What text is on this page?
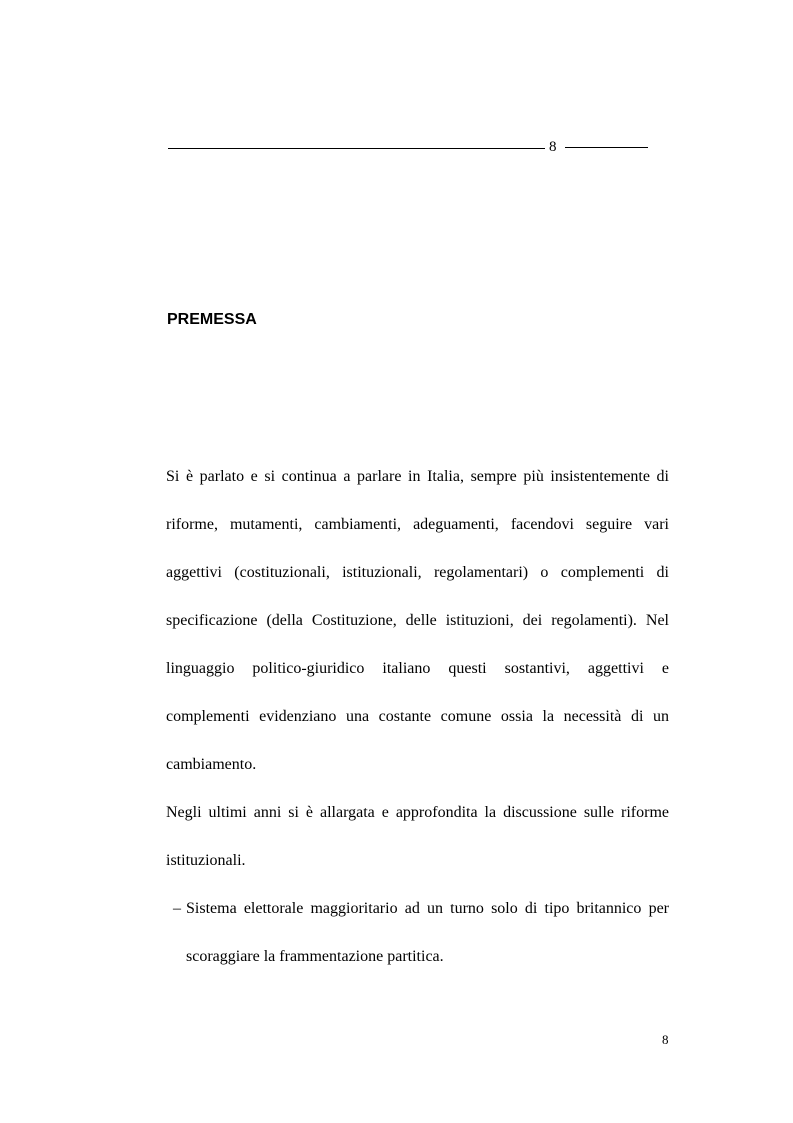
8
PREMESSA

Si è parlato e si continua a parlare in Italia, sempre più insistentemente di riforme, mutamenti, cambiamenti, adeguamenti, facendovi seguire vari aggettivi (costituzionali, istituzionali, regolamentari) o complementi di specificazione (della Costituzione, delle istituzioni, dei regolamenti). Nel linguaggio politico-giuridico italiano questi sostantivi, aggettivi e complementi evidenziano una costante comune ossia la necessità di un cambiamento.

Negli ultimi anni si è allargata e approfondita la discussione sulle riforme istituzionali.

– Sistema elettorale maggioritario ad un turno solo di tipo britannico per scoraggiare la frammentazione partitica.

8
